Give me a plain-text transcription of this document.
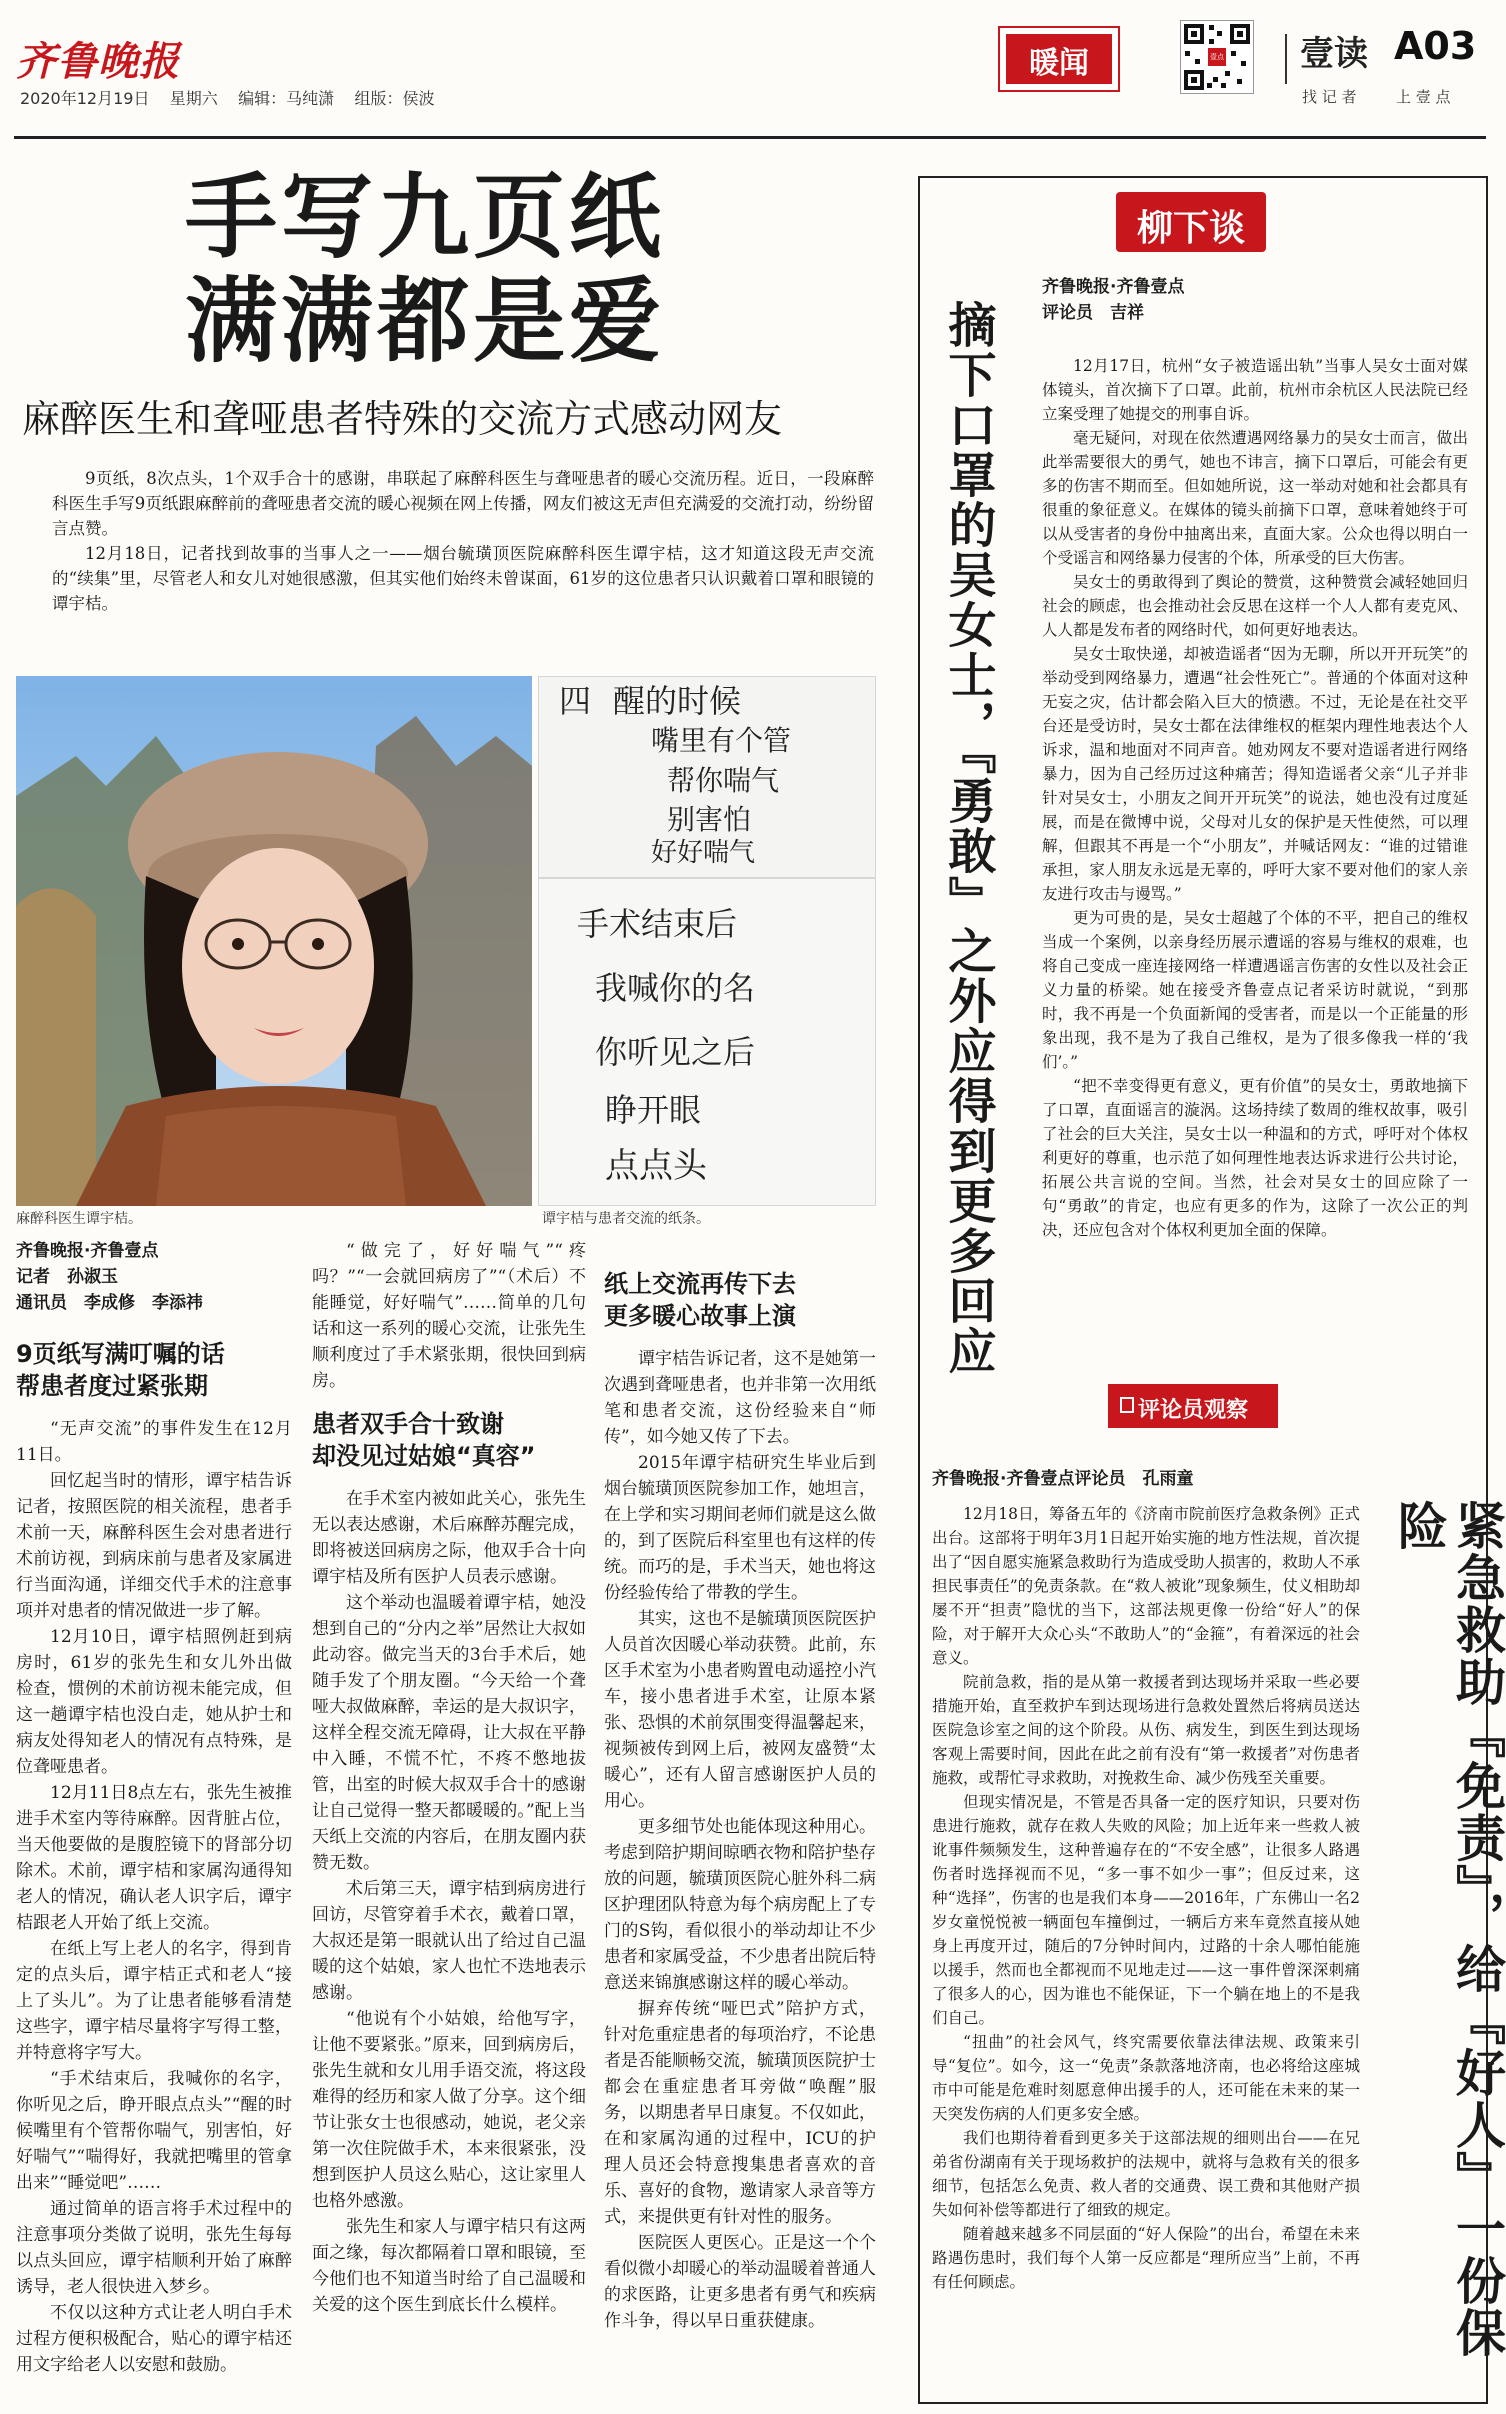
齐鲁晚报
2020年12月19日 星期六 编辑：马纯潇 组版：侯波
暖闻	壹点 壹读 A03
找 记 者	上 壹 点
手写九页纸
满满都是爱
麻醉医生和聋哑患者特殊的交流方式感动网友

9页纸，8次点头，1个双手合十的感谢，串联起了麻醉科医生与聋哑患者的暖心交流历程。近日，一段麻醉科医生手写9页纸跟麻醉前的聋哑患者交流的暖心视频在网上传播，网友们被这无声但充满爱的交流打动，纷纷留言点赞。

12月18日，记者找到故事的当事人之一——烟台毓璜顶医院麻醉科医生谭宇桔，这才知道这段无声交流的“续集”里，尽管老人和女儿对她很感激，但其实他们始终未曾谋面，61岁的这位患者只认识戴着口罩和眼镜的谭宇桔。

麻醉科医生谭宇桔。
四 醒的时候
嘴里有个管
帮你喘气
别害怕
好好喘气
手术结束后
我喊你的名
你听见之后
睁开眼
点点头
谭宇桔与患者交流的纸条。
齐鲁晚报·齐鲁壹点
记者　孙淑玉
通讯员　李成修　李添祎
9页纸写满叮嘱的话
帮患者度过紧张期

“无声交流”的事件发生在12月11日。

回忆起当时的情形，谭宇桔告诉记者，按照医院的相关流程，患者手术前一天，麻醉科医生会对患者进行术前访视，到病床前与患者及家属进行当面沟通，详细交代手术的注意事项并对患者的情况做进一步了解。

12月10日，谭宇桔照例赶到病房时，61岁的张先生和女儿外出做检查，惯例的术前访视未能完成，但这一趟谭宇桔也没白走，她从护士和病友处得知老人的情况有点特殊，是位聋哑患者。

12月11日8点左右，张先生被推进手术室内等待麻醉。因背脏占位，当天他要做的是腹腔镜下的肾部分切除术。术前，谭宇桔和家属沟通得知老人的情况，确认老人识字后，谭宇桔跟老人开始了纸上交流。

在纸上写上老人的名字，得到肯定的点头后，谭宇桔正式和老人“接上了头儿”。为了让患者能够看清楚这些字，谭宇桔尽量将字写得工整，并特意将字写大。

“手术结束后，我喊你的名字，你听见之后，睁开眼点点头”“醒的时候嘴里有个管帮你喘气，别害怕，好好喘气”“喘得好，我就把嘴里的管拿出来”“睡觉吧”……

通过简单的语言将手术过程中的注意事项分类做了说明，张先生每每以点头回应，谭宇桔顺利开始了麻醉诱导，老人很快进入梦乡。

不仅以这种方式让老人明白手术过程方便积极配合，贴心的谭宇桔还用文字给老人以安慰和鼓励。

“做完了，好好喘气”“疼吗？”“一会就回病房了”“（术后）不能睡觉，好好喘气”……简单的几句话和这一系列的暖心交流，让张先生顺利度过了手术紧张期，很快回到病房。

患者双手合十致谢
却没见过姑娘“真容”

在手术室内被如此关心，张先生无以表达感谢，术后麻醉苏醒完成，即将被送回病房之际，他双手合十向谭宇桔及所有医护人员表示感谢。

这个举动也温暖着谭宇桔，她没想到自己的“分内之举”居然让大叔如此动容。做完当天的3台手术后，她随手发了个朋友圈。“今天给一个聋哑大叔做麻醉，幸运的是大叔识字，这样全程交流无障碍，让大叔在平静中入睡，不慌不忙，不疼不憋地拔管，出室的时候大叔双手合十的感谢让自己觉得一整天都暖暖的。”配上当天纸上交流的内容后，在朋友圈内获赞无数。

术后第三天，谭宇桔到病房进行回访，尽管穿着手术衣，戴着口罩，大叔还是第一眼就认出了给过自己温暖的这个姑娘，家人也忙不迭地表示感谢。

“他说有个小姑娘，给他写字，让他不要紧张。”原来，回到病房后，张先生就和女儿用手语交流，将这段难得的经历和家人做了分享。这个细节让张女士也很感动，她说，老父亲第一次住院做手术，本来很紧张，没想到医护人员这么贴心，这让家里人也格外感激。

张先生和家人与谭宇桔只有这两面之缘，每次都隔着口罩和眼镜，至今他们也不知道当时给了自己温暖和关爱的这个医生到底长什么模样。

纸上交流再传下去
更多暖心故事上演

谭宇桔告诉记者，这不是她第一次遇到聋哑患者，也并非第一次用纸笔和患者交流，这份经验来自“师传”，如今她又传了下去。

2015年谭宇桔研究生毕业后到烟台毓璜顶医院参加工作，她坦言，在上学和实习期间老师们就是这么做的，到了医院后科室里也有这样的传统。而巧的是，手术当天，她也将这份经验传给了带教的学生。

其实，这也不是毓璜顶医院医护人员首次因暖心举动获赞。此前，东区手术室为小患者购置电动遥控小汽车，接小患者进手术室，让原本紧张、恐惧的术前氛围变得温馨起来，视频被传到网上后，被网友盛赞“太暖心”，还有人留言感谢医护人员的用心。

更多细节处也能体现这种用心。考虑到陪护期间晾晒衣物和陪护垫存放的问题，毓璜顶医院心脏外科二病区护理团队特意为每个病房配上了专门的S钩，看似很小的举动却让不少患者和家属受益，不少患者出院后特意送来锦旗感谢这样的暖心举动。

摒弃传统“哑巴式”陪护方式，针对危重症患者的每项治疗，不论患者是否能顺畅交流，毓璜顶医院护士都会在重症患者耳旁做“唤醒”服务，以期患者早日康复。不仅如此，在和家属沟通的过程中，ICU的护理人员还会特意搜集患者喜欢的音乐、喜好的食物，邀请家人录音等方式，来提供更有针对性的服务。

医院医人更医心。正是这一个个看似微小却暖心的举动温暖着普通人的求医路，让更多患者有勇气和疾病作斗争，得以早日重获健康。

柳下谈
摘下口罩的吴女士，『勇敢』之外应得到更多回应
齐鲁晚报·齐鲁壹点
评论员　吉祥

12月17日，杭州“女子被造谣出轨”当事人吴女士面对媒体镜头，首次摘下了口罩。此前，杭州市余杭区人民法院已经立案受理了她提交的刑事自诉。

毫无疑问，对现在依然遭遇网络暴力的吴女士而言，做出此举需要很大的勇气，她也不讳言，摘下口罩后，可能会有更多的伤害不期而至。但如她所说，这一举动对她和社会都具有很重的象征意义。在媒体的镜头前摘下口罩，意味着她终于可以从受害者的身份中抽离出来，直面大家。公众也得以明白一个受谣言和网络暴力侵害的个体，所承受的巨大伤害。

吴女士的勇敢得到了舆论的赞赏，这种赞赏会减轻她回归社会的顾虑，也会推动社会反思在这样一个人人都有麦克风、人人都是发布者的网络时代，如何更好地表达。

吴女士取快递，却被造谣者“因为无聊，所以开开玩笑”的举动受到网络暴力，遭遇“社会性死亡”。普通的个体面对这种无妄之灾，估计都会陷入巨大的愤懑。不过，无论是在社交平台还是受访时，吴女士都在法律维权的框架内理性地表达个人诉求，温和地面对不同声音。她劝网友不要对造谣者进行网络暴力，因为自己经历过这种痛苦；得知造谣者父亲“儿子并非针对吴女士，小朋友之间开开玩笑”的说法，她也没有过度延展，而是在微博中说，父母对儿女的保护是天性使然，可以理解，但跟其不再是一个“小朋友”，并喊话网友：“谁的过错谁承担，家人朋友永远是无辜的，呼吁大家不要对他们的家人亲友进行攻击与谩骂。”

更为可贵的是，吴女士超越了个体的不平，把自己的维权当成一个案例，以亲身经历展示遭谣的容易与维权的艰难，也将自己变成一座连接网络一样遭遇谣言伤害的女性以及社会正义力量的桥梁。她在接受齐鲁壹点记者采访时就说，“到那时，我不再是一个负面新闻的受害者，而是以一个正能量的形象出现，我不是为了我自己维权，是为了很多像我一样的‘我们’。”

“把不幸变得更有意义，更有价值”的吴女士，勇敢地摘下了口罩，直面谣言的漩涡。这场持续了数周的维权故事，吸引了社会的巨大关注，吴女士以一种温和的方式，呼吁对个体权利更好的尊重，也示范了如何理性地表达诉求进行公共讨论，拓展公共言说的空间。当然，社会对吴女士的回应除了一句“勇敢”的肯定，也应有更多的作为，这除了一次公正的判决，还应包含对个体权利更加全面的保障。

评论员观察
齐鲁晚报·齐鲁壹点评论员　孔雨童

12月18日，筹备五年的《济南市院前医疗急救条例》正式出台。这部将于明年3月1日起开始实施的地方性法规，首次提出了“因自愿实施紧急救助行为造成受助人损害的，救助人不承担民事责任”的免责条款。在“救人被讹”现象频生，仗义相助却屡不开“担责”隐忧的当下，这部法规更像一份给“好人”的保险，对于解开大众心头“不敢助人”的“金箍”，有着深远的社会意义。

院前急救，指的是从第一救援者到达现场并采取一些必要措施开始，直至救护车到达现场进行急救处置然后将病员送达医院急诊室之间的这个阶段。从伤、病发生，到医生到达现场客观上需要时间，因此在此之前有没有“第一救援者”对伤患者施救，或帮忙寻求救助，对挽救生命、减少伤残至关重要。

但现实情况是，不管是否具备一定的医疗知识，只要对伤患进行施救，就存在救人失败的风险；加上近年来一些救人被讹事件频频发生，这种普遍存在的“不安全感”，让很多人路遇伤者时选择视而不见，“多一事不如少一事”；但反过来，这种“选择”，伤害的也是我们本身——2016年，广东佛山一名2岁女童悦悦被一辆面包车撞倒过，一辆后方来车竟然直接从她身上再度开过，随后的7分钟时间内，过路的十余人哪怕能施以援手，然而也全都视而不见地走过——这一事件曾深深刺痛了很多人的心，因为谁也不能保证，下一个躺在地上的不是我们自己。

“扭曲”的社会风气，终究需要依靠法律法规、政策来引导“复位”。如今，这一“免责”条款落地济南，也必将给这座城市中可能是危难时刻愿意伸出援手的人，还可能在未来的某一天突发伤病的人们更多安全感。

我们也期待着看到更多关于这部法规的细则出台——在兄弟省份湖南有关于现场救护的法规中，就将与急救有关的很多细节，包括怎么免责、救人者的交通费、误工费和其他财产损失如何补偿等都进行了细致的规定。

随着越来越多不同层面的“好人保险”的出台，希望在未来路遇伤患时，我们每个人第一反应都是“理所应当”上前，不再有任何顾虑。	紧急救助『免责』，给『好人』一份保险
